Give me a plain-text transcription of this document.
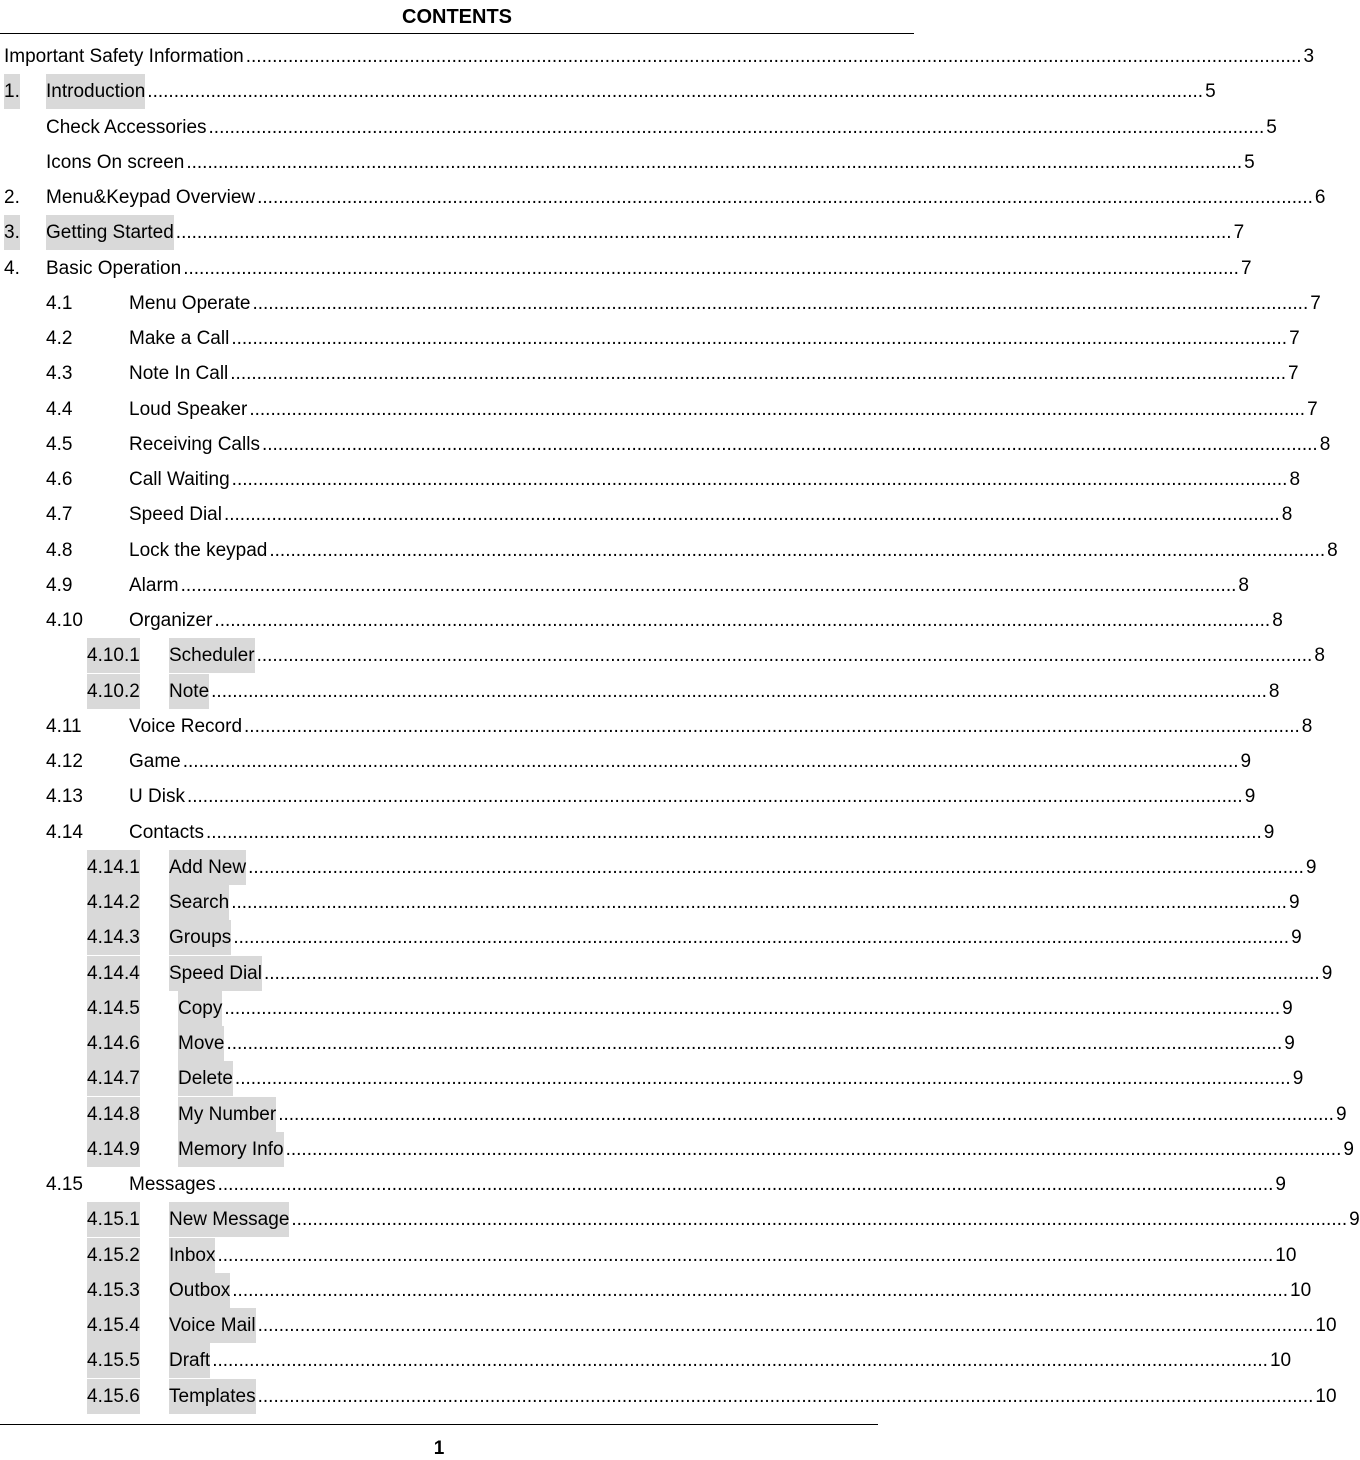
CONTENTS
Important Safety Information ........................................................................................................................................................................................................ 3
1. Introduction ........................................................................................................................................................................................................ 5
Check Accessories ........................................................................................................................................................................................................ 5
Icons On screen ........................................................................................................................................................................................................ 5
2. Menu&Keypad Overview ........................................................................................................................................................................................................ 6
3. Getting Started ........................................................................................................................................................................................................ 7
4. Basic Operation ........................................................................................................................................................................................................ 7
4.1	Menu Operate ........................................................................................................................................................................................................ 7
4.2	Make a Call ........................................................................................................................................................................................................ 7
4.3	Note In Call ........................................................................................................................................................................................................ 7
4.4	Loud Speaker ........................................................................................................................................................................................................ 7
4.5	Receiving Calls ........................................................................................................................................................................................................ 8
4.6	Call Waiting ........................................................................................................................................................................................................ 8
4.7	Speed Dial ........................................................................................................................................................................................................ 8
4.8	Lock the keypad ........................................................................................................................................................................................................ 8
4.9	Alarm ........................................................................................................................................................................................................ 8
4.10 Organizer ........................................................................................................................................................................................................ 8
4.10.1 Scheduler ........................................................................................................................................................................................................ 8
4.10.2 Note ........................................................................................................................................................................................................ 8
4.11 Voice Record ........................................................................................................................................................................................................ 8
4.12 Game ........................................................................................................................................................................................................ 9
4.13 U Disk ........................................................................................................................................................................................................ 9
4.14 Contacts ........................................................................................................................................................................................................ 9
4.14.1 Add New ........................................................................................................................................................................................................ 9
4.14.2 Search ........................................................................................................................................................................................................ 9
4.14.3 Groups ........................................................................................................................................................................................................ 9
4.14.4 Speed Dial ........................................................................................................................................................................................................ 9
4.14.5 Copy ........................................................................................................................................................................................................ 9
4.14.6 Move ........................................................................................................................................................................................................ 9
4.14.7 Delete ........................................................................................................................................................................................................ 9
4.14.8 My Number ........................................................................................................................................................................................................ 9
4.14.9 Memory Info ........................................................................................................................................................................................................ 9
4.15 Messages ........................................................................................................................................................................................................ 9
4.15.1 New Message ........................................................................................................................................................................................................ 9
4.15.2 Inbox ........................................................................................................................................................................................................ 10
4.15.3 Outbox ........................................................................................................................................................................................................ 10
4.15.4 Voice Mail ........................................................................................................................................................................................................ 10
4.15.5 Draft ........................................................................................................................................................................................................ 10
4.15.6 Templates ........................................................................................................................................................................................................ 10
1
